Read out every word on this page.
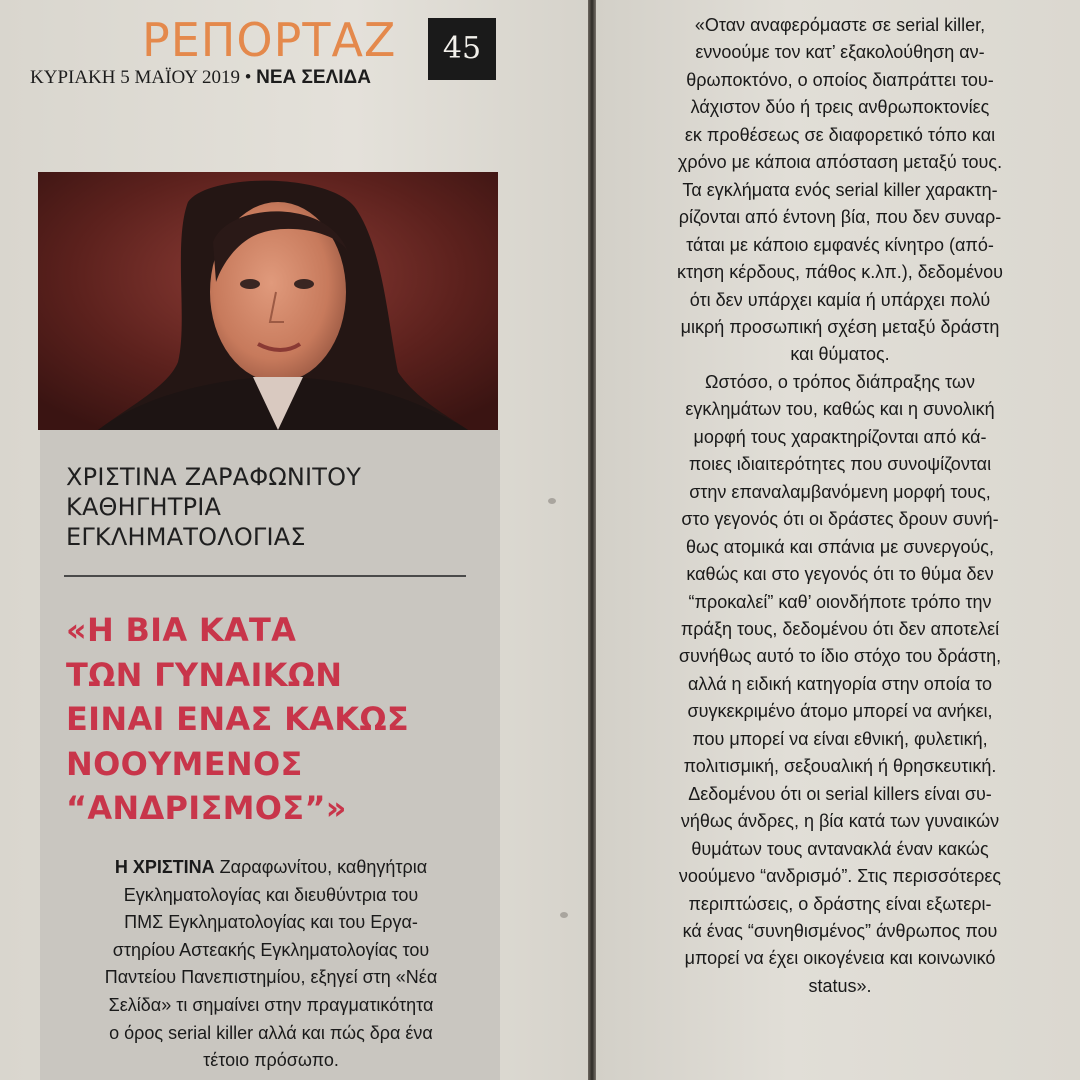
ΡΕΠΟΡΤΑΖ	45
ΚΥΡΙΑΚΗ 5 ΜΑΪΟΥ 2019 • ΝΕΑ ΣΕΛΙΔΑ
ΧΡΙΣΤΙΝΑ ΖΑΡΑΦΩΝΙΤΟΥ
ΚΑΘΗΓΗΤΡΙΑ
ΕΓΚΛΗΜΑΤΟΛΟΓΙΑΣ
«Η ΒΙΑ ΚΑΤΑ
ΤΩΝ ΓΥΝΑΙΚΩΝ
ΕΙΝΑΙ ΕΝΑΣ ΚΑΚΩΣ
ΝΟΟΥΜΕΝΟΣ
“ΑΝΔΡΙΣΜΟΣ”»
Η ΧΡΙΣΤΙΝΑ Ζαραφωνίτου, καθηγήτρια
Εγκληματολογίας και διευθύντρια του
ΠΜΣ Εγκληματολογίας και του Εργα-
στηρίου Αστεακής Εγκληματολογίας του
Παντείου Πανεπιστημίου, εξηγεί στη «Νέα
Σελίδα» τι σημαίνει στην πραγματικότητα
ο όρος serial killer αλλά και πώς δρα ένα
τέτοιο πρόσωπο.
«Οταν αναφερόμαστε σε serial killer,
εννοούμε τον κατ’ εξακολούθηση αν-
θρωποκτόνο, ο οποίος διαπράττει του-
λάχιστον δύο ή τρεις ανθρωποκτονίες
εκ προθέσεως σε διαφορετικό τόπο και
χρόνο με κάποια απόσταση μεταξύ τους.
Τα εγκλήματα ενός serial killer χαρακτη-
ρίζονται από έντονη βία, που δεν συναρ-
τάται με κάποιο εμφανές κίνητρο (από-
κτηση κέρδους, πάθος κ.λπ.), δεδομένου
ότι δεν υπάρχει καμία ή υπάρχει πολύ
μικρή προσωπική σχέση μεταξύ δράστη
και θύματος.
Ωστόσο, ο τρόπος διάπραξης των
εγκλημάτων του, καθώς και η συνολική
μορφή τους χαρακτηρίζονται από κά-
ποιες ιδιαιτερότητες που συνοψίζονται
στην επαναλαμβανόμενη μορφή τους,
στο γεγονός ότι οι δράστες δρουν συνή-
θως ατομικά και σπάνια με συνεργούς,
καθώς και στο γεγονός ότι το θύμα δεν
“προκαλεί” καθ’ οιονδήποτε τρόπο την
πράξη τους, δεδομένου ότι δεν αποτελεί
συνήθως αυτό το ίδιο στόχο του δράστη,
αλλά η ειδική κατηγορία στην οποία το
συγκεκριμένο άτομο μπορεί να ανήκει,
που μπορεί να είναι εθνική, φυλετική,
πολιτισμική, σεξουαλική ή θρησκευτική.
Δεδομένου ότι οι serial killers είναι συ-
νήθως άνδρες, η βία κατά των γυναικών
θυμάτων τους αντανακλά έναν κακώς
νοούμενο “ανδρισμό”. Στις περισσότερες
περιπτώσεις, ο δράστης είναι εξωτερι-
κά ένας “συνηθισμένος” άνθρωπος που
μπορεί να έχει οικογένεια και κοινωνικό
status».
